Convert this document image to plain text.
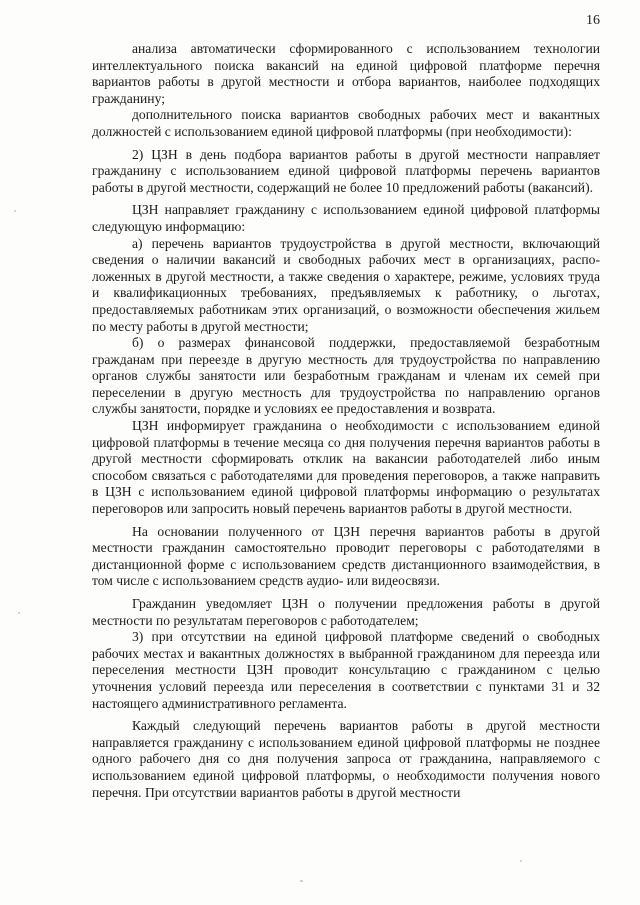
16

анализа автоматически сформированного с использованием технологии интеллектуального поиска вакансий на единой цифровой платформе перечня вариантов работы в другой местности и отбора вариантов, наиболее подходящих гражданину;

дополнительного поиска вариантов свободных рабочих мест и вакантных должностей с использованием единой цифровой платформы (при необходимости):

2) ЦЗН в день подбора вариантов работы в другой местности направляет гражданину с использованием единой цифровой платформы перечень вариантов работы в другой местности, содержащий не более 10 предложений работы (вакансий).

ЦЗН направляет гражданину с использованием единой цифровой платформы следующую информацию:

а) перечень вариантов трудоустройства в другой местности, включающий сведения о наличии вакансий и свободных рабочих мест в организациях, расположенных в другой местности, а также сведения о характере, режиме, условиях труда и квалификационных требованиях, предъявляемых к работнику, о льготах, предоставляемых работникам этих организаций, о возможности обеспечения жильем по месту работы в другой местности;

б) о размерах финансовой поддержки, предоставляемой безработным гражданам при переезде в другую местность для трудоустройства по направлению органов службы занятости или безработным гражданам и членам их семей при переселении в другую местность для трудоустройства по направлению органов службы занятости, порядке и условиях ее предоставления и возврата.

ЦЗН информирует гражданина о необходимости с использованием единой цифровой платформы в течение месяца со дня получения перечня вариантов работы в другой местности сформировать отклик на вакансии работодателей либо иным способом связаться с работодателями для проведения переговоров, а также направить в ЦЗН с использованием единой цифровой платформы информацию о результатах переговоров или запросить новый перечень вариантов работы в другой местности.

На основании полученного от ЦЗН перечня вариантов работы в другой местности гражданин самостоятельно проводит переговоры с работодателями в дистанционной форме с использованием средств дистанционного взаимодействия, в том числе с использованием средств аудио- или видеосвязи.

Гражданин уведомляет ЦЗН о получении предложения работы в другой местности по результатам переговоров с работодателем;

3) при отсутствии на единой цифровой платформе сведений о свободных рабочих местах и вакантных должностях в выбранной гражданином для переезда или переселения местности ЦЗН проводит консультацию с гражданином с целью уточнения условий переезда или переселения в соответствии с пунктами 31 и 32 настоящего административного регламента.

Каждый следующий перечень вариантов работы в другой местности направляется гражданину с использованием единой цифровой платформы не позднее одного рабочего дня со дня получения запроса от гражданина, направляемого с использованием единой цифровой платформы, о необходимости получения нового перечня. При отсутствии вариантов работы в другой местности
